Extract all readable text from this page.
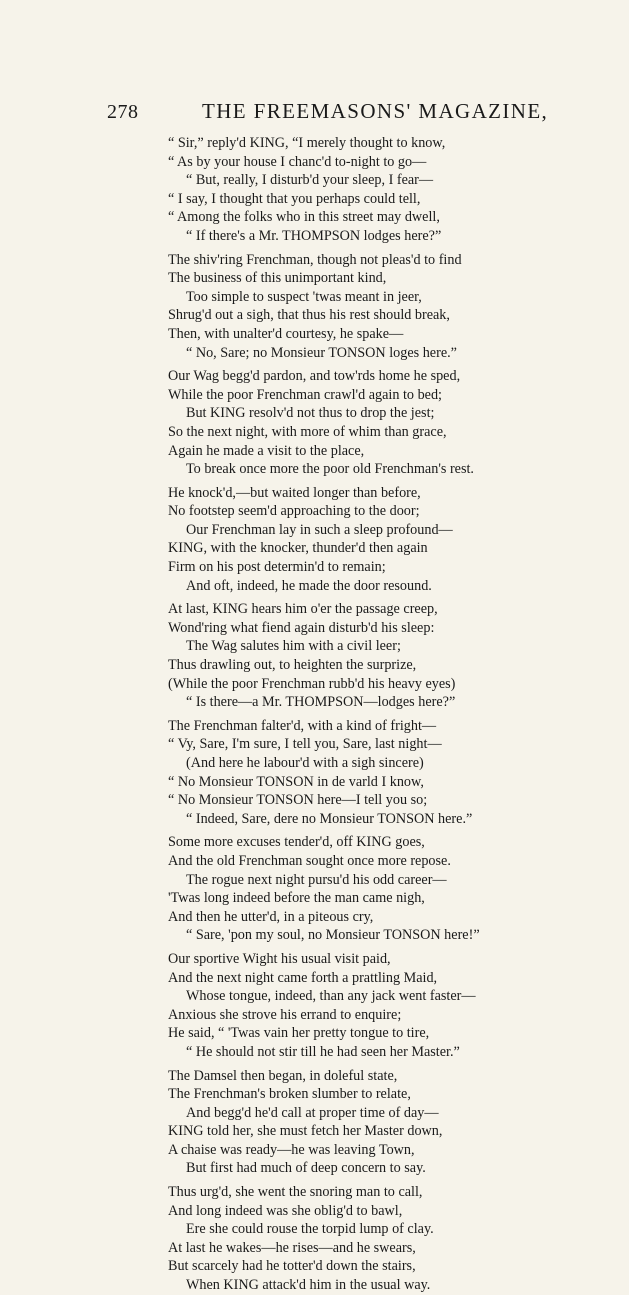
278	THE FREEMASONS' MAGAZINE,
“ Sir,” reply'd KING, “I merely thought to know,
“ As by your house I chanc'd to-night to go—
“ But, really, I disturb'd your sleep, I fear—
“ I say, I thought that you perhaps could tell,
“ Among the folks who in this street may dwell,
“ If there's a Mr. THOMPSON lodges here?”
The shiv'ring Frenchman, though not pleas'd to find
The business of this unimportant kind,
Too simple to suspect 'twas meant in jeer,
Shrug'd out a sigh, that thus his rest should break,
Then, with unalter'd courtesy, he spake—
“ No, Sare; no Monsieur TONSON loges here.”
Our Wag begg'd pardon, and tow'rds home he sped,
While the poor Frenchman crawl'd again to bed;
But KING resolv'd not thus to drop the jest;
So the next night, with more of whim than grace,
Again he made a visit to the place,
To break once more the poor old Frenchman's rest.
He knock'd,—but waited longer than before,
No footstep seem'd approaching to the door;
Our Frenchman lay in such a sleep profound—
KING, with the knocker, thunder'd then again
Firm on his post determin'd to remain;
And oft, indeed, he made the door resound.
At last, KING hears him o'er the passage creep,
Wond'ring what fiend again disturb'd his sleep:
The Wag salutes him with a civil leer;
Thus drawling out, to heighten the surprize,
(While the poor Frenchman rubb'd his heavy eyes)
“ Is there—a Mr. THOMPSON—lodges here?”
The Frenchman falter'd, with a kind of fright—
“ Vy, Sare, I'm sure, I tell you, Sare, last night—
(And here he labour'd with a sigh sincere)
“ No Monsieur TONSON in de varld I know,
“ No Monsieur TONSON here—I tell you so;
“ Indeed, Sare, dere no Monsieur TONSON here.”
Some more excuses tender'd, off KING goes,
And the old Frenchman sought once more repose.
The rogue next night pursu'd his odd career—
'Twas long indeed before the man came nigh,
And then he utter'd, in a piteous cry,
“ Sare, 'pon my soul, no Monsieur TONSON here!”
Our sportive Wight his usual visit paid,
And the next night came forth a prattling Maid,
Whose tongue, indeed, than any jack went faster—
Anxious she strove his errand to enquire;
He said, “ 'Twas vain her pretty tongue to tire,
“ He should not stir till he had seen her Master.”
The Damsel then began, in doleful state,
The Frenchman's broken slumber to relate,
And begg'd he'd call at proper time of day—
KING told her, she must fetch her Master down,
A chaise was ready—he was leaving Town,
But first had much of deep concern to say.
Thus urg'd, she went the snoring man to call,
And long indeed was she oblig'd to bawl,
Ere she could rouse the torpid lump of clay.
At last he wakes—he rises—and he swears,
But scarcely had he totter'd down the stairs,
When KING attack'd him in the usual way.
